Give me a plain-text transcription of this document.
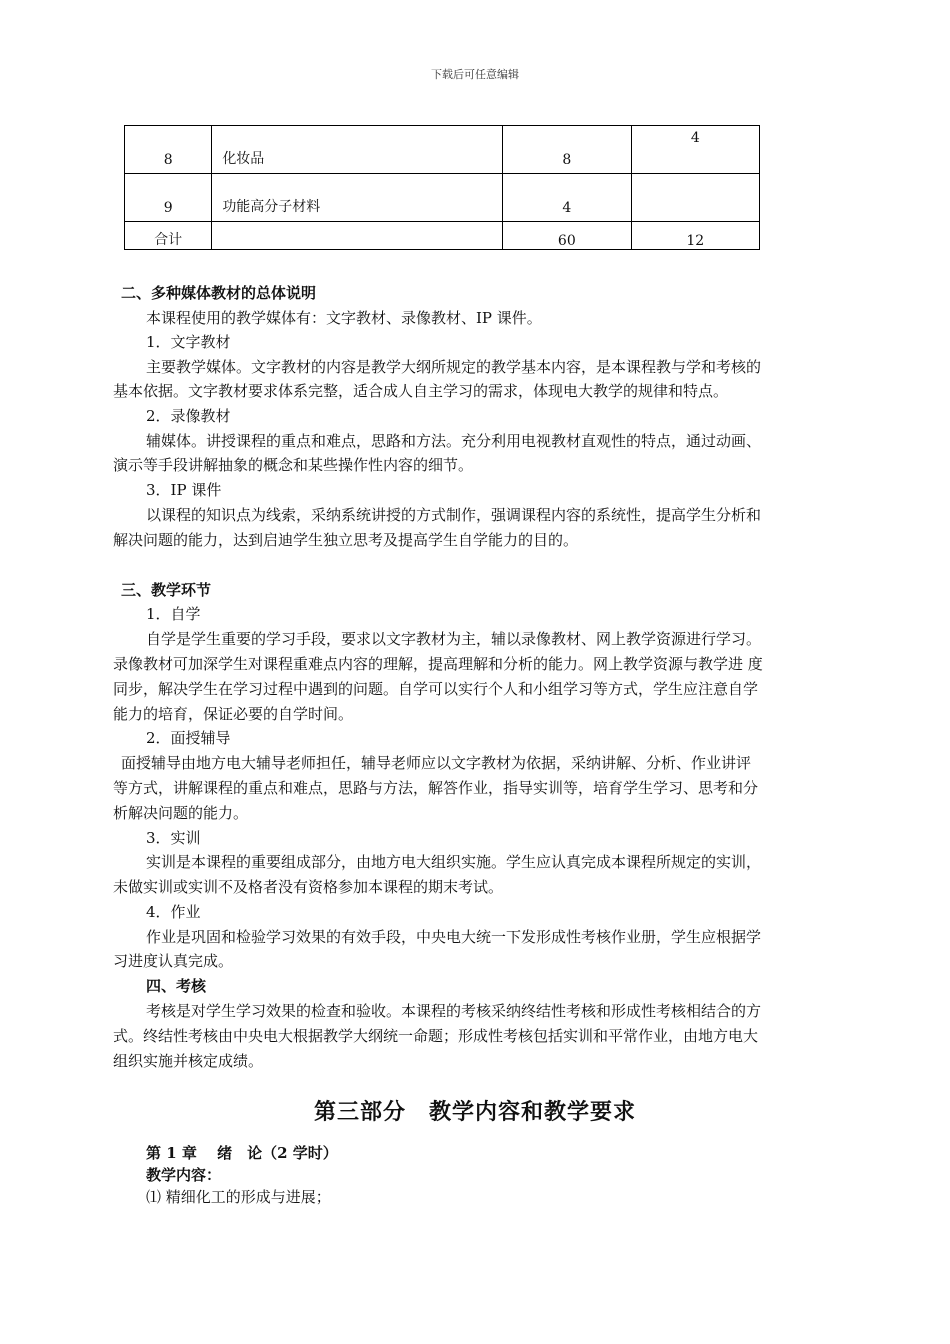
下载后可任意编辑
8	化妆品	8	4
9	功能高分子材料	4	
合计		60	12
二、多种媒体教材的总体说明
本课程使用的教学媒体有：文字教材、录像教材、IP 课件。
1．文字教材
主要教学媒体。文字教材的内容是教学大纲所规定的教学基本内容，是本课程教与学和考核的
基本依据。文字教材要求体系完整，适合成人自主学习的需求，体现电大教学的规律和特点。
2．录像教材
辅媒体。讲授课程的重点和难点，思路和方法。充分利用电视教材直观性的特点，通过动画、
演示等手段讲解抽象的概念和某些操作性内容的细节。
3．IP 课件
以课程的知识点为线索，采纳系统讲授的方式制作，强调课程内容的系统性，提高学生分析和
解决问题的能力，达到启迪学生独立思考及提高学生自学能力的目的。
三、教学环节
1．自学
自学是学生重要的学习手段，要求以文字教材为主，辅以录像教材、网上教学资源进行学习。
录像教材可加深学生对课程重难点内容的理解，提高理解和分析的能力。网上教学资源与教学进 度
同步，解决学生在学习过程中遇到的问题。自学可以实行个人和小组学习等方式，学生应注意自学
能力的培育，保证必要的自学时间。
2．面授辅导
面授辅导由地方电大辅导老师担任，辅导老师应以文字教材为依据，采纳讲解、分析、作业讲评
等方式，讲解课程的重点和难点，思路与方法，解答作业，指导实训等，培育学生学习、思考和分
析解决问题的能力。
3．实训
实训是本课程的重要组成部分，由地方电大组织实施。学生应认真完成本课程所规定的实训，
未做实训或实训不及格者没有资格参加本课程的期末考试。
4．作业
作业是巩固和检验学习效果的有效手段，中央电大统一下发形成性考核作业册，学生应根据学
习进度认真完成。
四、考核
考核是对学生学习效果的检查和验收。本课程的考核采纳终结性考核和形成性考核相结合的方
式。终结性考核由中央电大根据教学大纲统一命题；形成性考核包括实训和平常作业，由地方电大
组织实施并核定成绩。
第三部分　教学内容和教学要求
第 1 章　 绪　论（2 学时）
教学内容：
⑴ 精细化工的形成与进展；
